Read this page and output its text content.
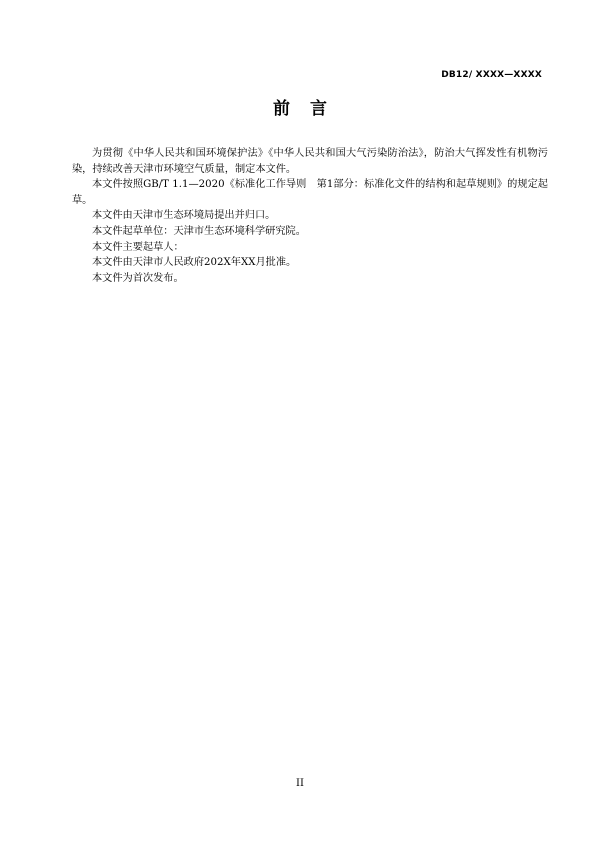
DB12/ XXXX—XXXX
前言

为贯彻《中华人民共和国环境保护法》《中华人民共和国大气污染防治法》，防治大气挥发性有机物污染，持续改善天津市环境空气质量，制定本文件。

本文件按照GB/T 1.1—2020《标准化工作导则　第1部分：标准化文件的结构和起草规则》的规定起草。

本文件由天津市生态环境局提出并归口。

本文件起草单位：天津市生态环境科学研究院。

本文件主要起草人：

本文件由天津市人民政府202X年XX月批准。

本文件为首次发布。

II
